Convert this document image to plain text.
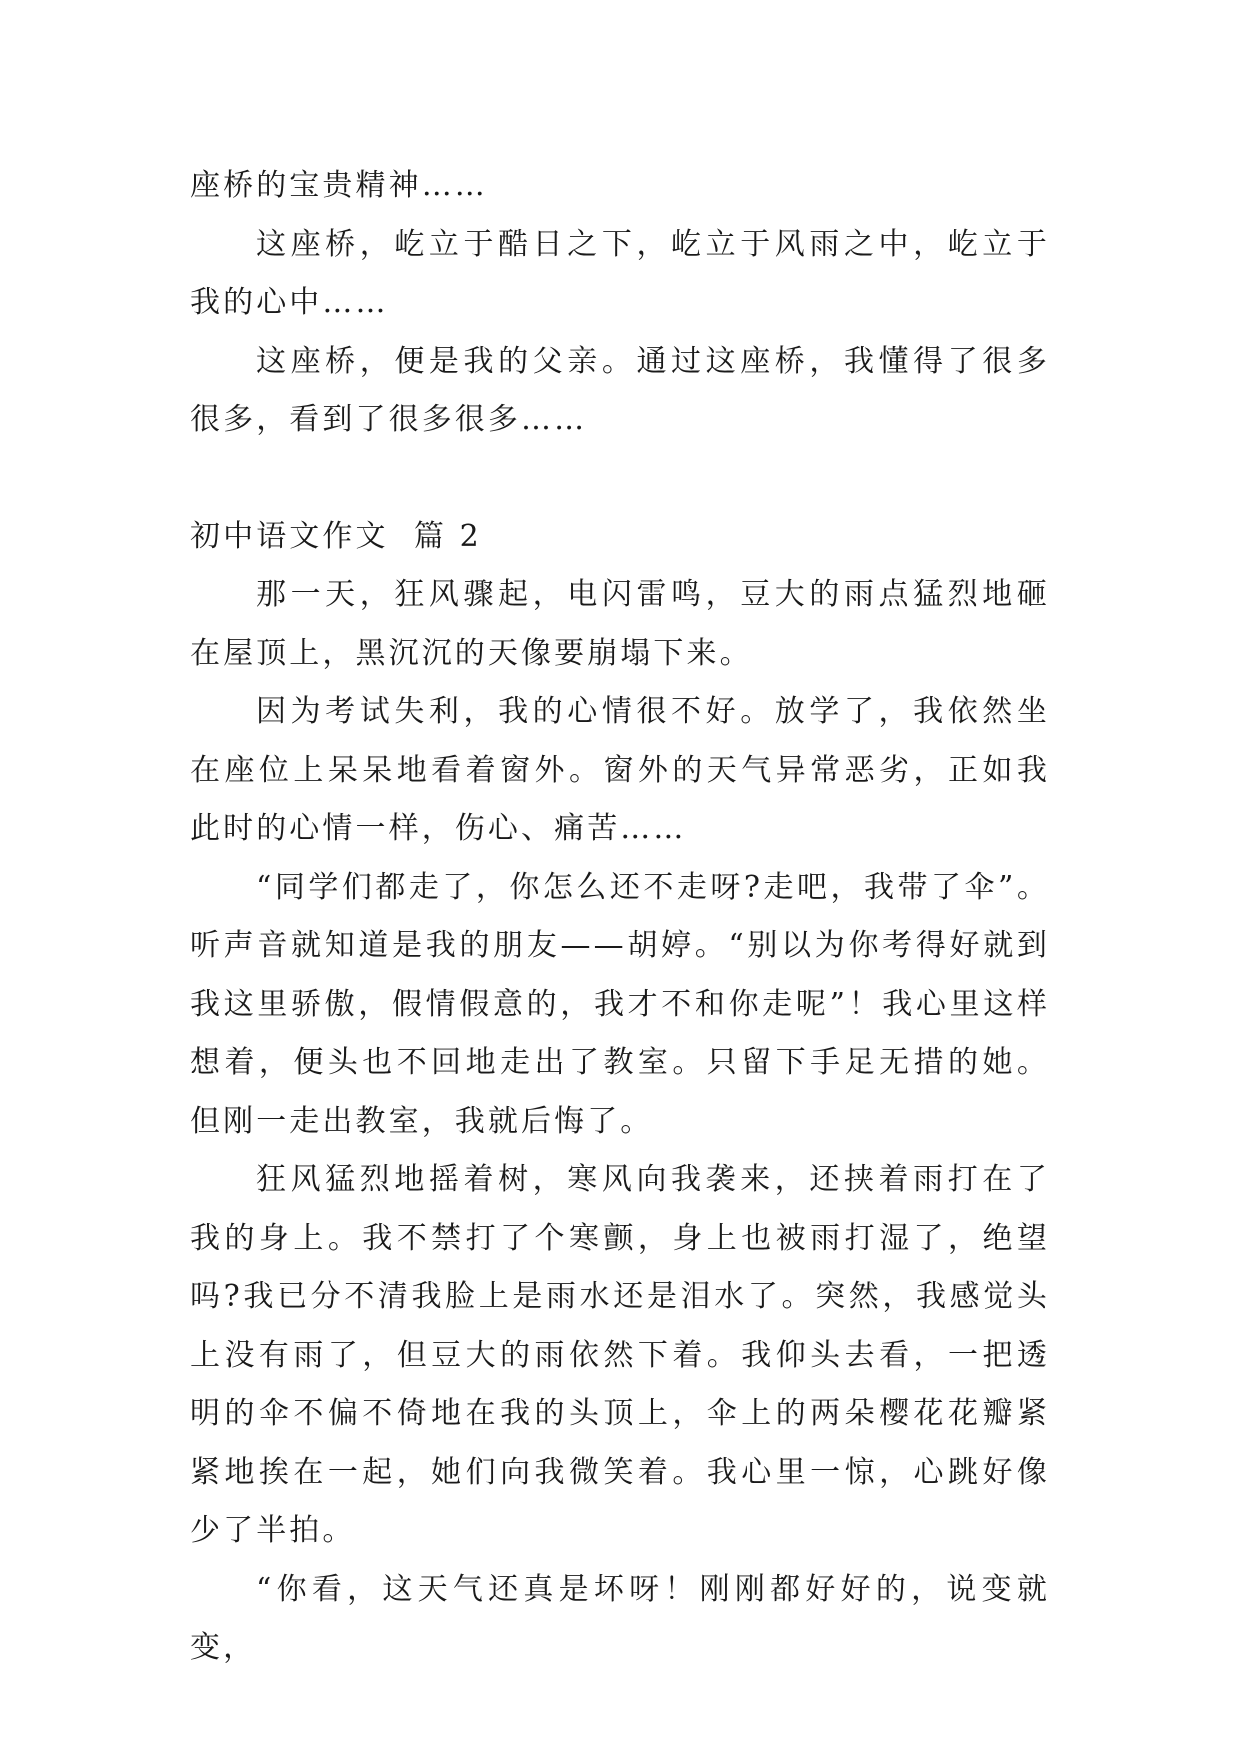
座桥的宝贵精神……

这座桥，屹立于酷日之下，屹立于风雨之中，屹立于我的心中……

这座桥，便是我的父亲。通过这座桥，我懂得了很多很多，看到了很多很多……

初中语文作文  篇 2

那一天，狂风骤起，电闪雷鸣，豆大的雨点猛烈地砸在屋顶上，黑沉沉的天像要崩塌下来。

因为考试失利，我的心情很不好。放学了，我依然坐在座位上呆呆地看着窗外。窗外的天气异常恶劣，正如我此时的心情一样，伤心、痛苦……

“同学们都走了，你怎么还不走呀?走吧，我带了伞”。听声音就知道是我的朋友——胡婷。“别以为你考得好就到我这里骄傲，假情假意的，我才不和你走呢”！我心里这样想着，便头也不回地走出了教室。只留下手足无措的她。但刚一走出教室，我就后悔了。

狂风猛烈地摇着树，寒风向我袭来，还挟着雨打在了我的身上。我不禁打了个寒颤，身上也被雨打湿了，绝望吗?我已分不清我脸上是雨水还是泪水了。突然，我感觉头上没有雨了，但豆大的雨依然下着。我仰头去看，一把透明的伞不偏不倚地在我的头顶上，伞上的两朵樱花花瓣紧紧地挨在一起，她们向我微笑着。我心里一惊，心跳好像少了半拍。

“你看，这天气还真是坏呀！刚刚都好好的，说变就变，
